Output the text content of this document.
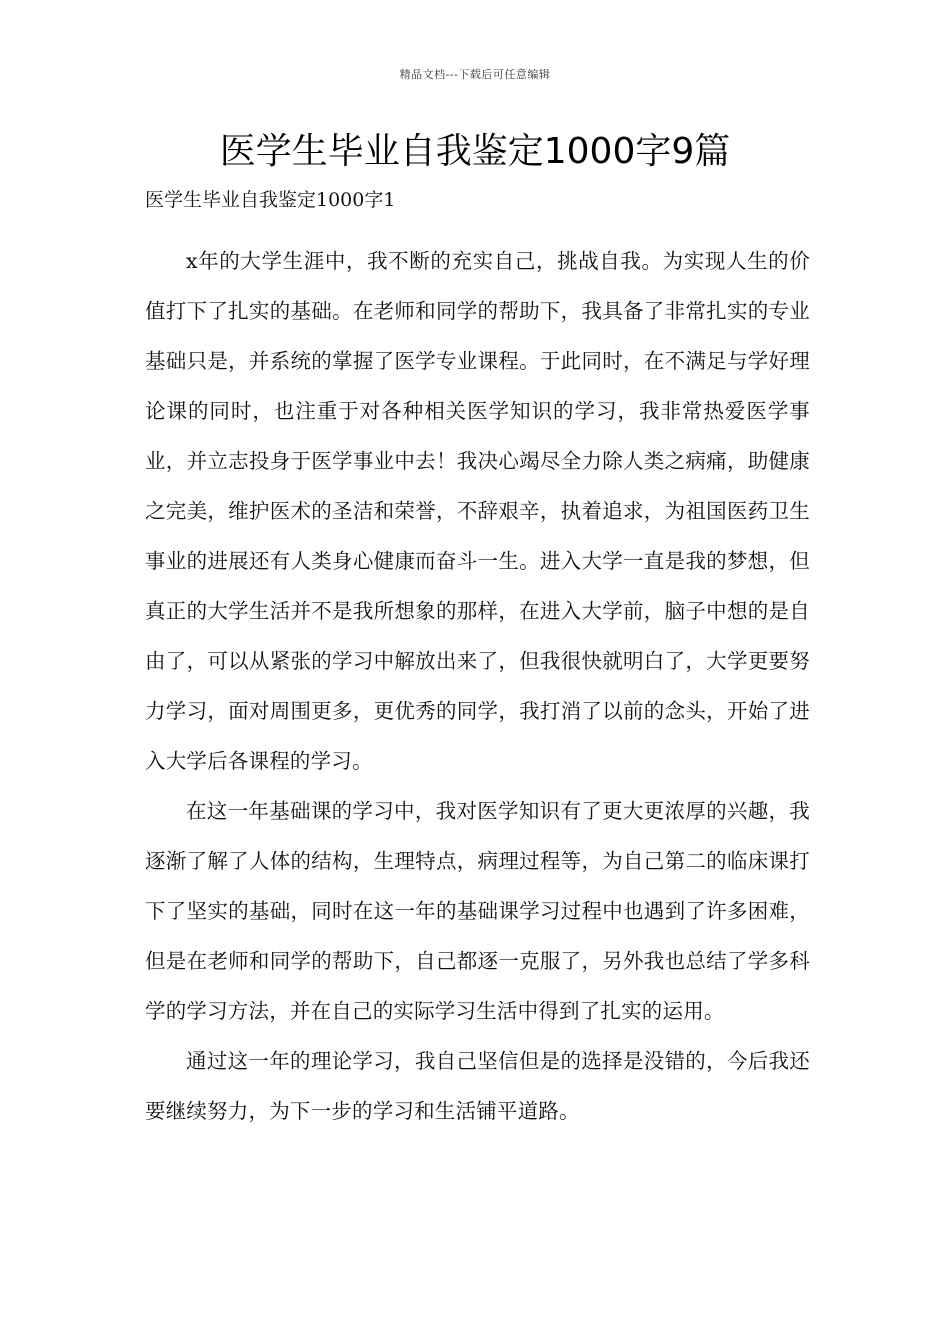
精品文档---下载后可任意编辑
医学生毕业自我鉴定1000字9篇

医学生毕业自我鉴定1000字1

x年的大学生涯中，我不断的充实自己，挑战自我。为实现人生的价值打下了扎实的基础。在老师和同学的帮助下，我具备了非常扎实的专业基础只是，并系统的掌握了医学专业课程。于此同时，在不满足与学好理论课的同时，也注重于对各种相关医学知识的学习，我非常热爱医学事业，并立志投身于医学事业中去！我决心竭尽全力除人类之病痛，助健康之完美，维护医术的圣洁和荣誉，不辞艰辛，执着追求，为祖国医药卫生事业的进展还有人类身心健康而奋斗一生。进入大学一直是我的梦想，但真正的大学生活并不是我所想象的那样，在进入大学前，脑子中想的是自由了，可以从紧张的学习中解放出来了，但我很快就明白了，大学更要努力学习，面对周围更多，更优秀的同学，我打消了以前的念头，开始了进入大学后各课程的学习。

在这一年基础课的学习中，我对医学知识有了更大更浓厚的兴趣，我逐渐了解了人体的结构，生理特点，病理过程等，为自己第二的临床课打下了坚实的基础，同时在这一年的基础课学习过程中也遇到了许多困难，但是在老师和同学的帮助下，自己都逐一克服了，另外我也总结了学多科学的学习方法，并在自己的实际学习生活中得到了扎实的运用。

通过这一年的理论学习，我自己坚信但是的选择是没错的，今后我还要继续努力，为下一步的学习和生活铺平道路。
